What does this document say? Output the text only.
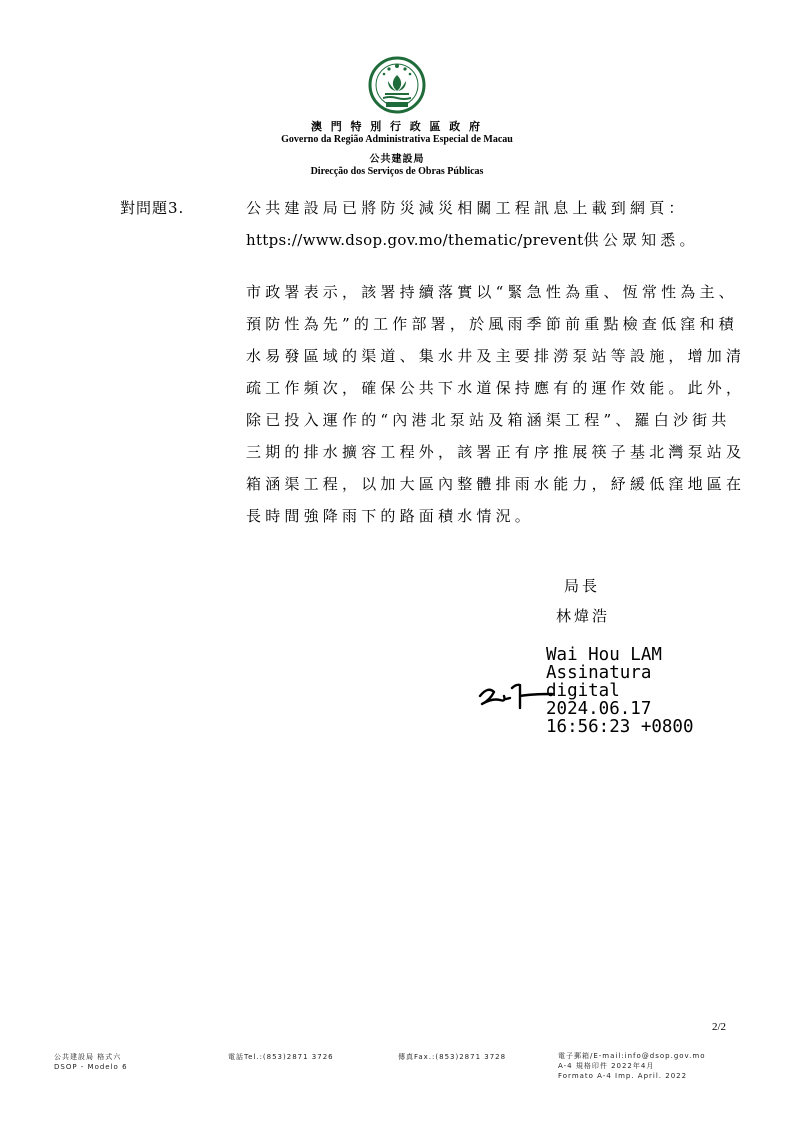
澳 門 特 別 行 政 區 政 府
Governo da Região Administrativa Especial de Macau
公共建設局
Direcção dos Serviços de Obras Públicas
對問題3.	公共建設局已將防災減災相關工程訊息上載到網頁：
https://www.dsop.gov.mo/thematic/prevent供公眾知悉。

市政署表示，該署持續落實以“緊急性為重、恆常性為主、預防性為先”的工作部署，於風雨季節前重點檢查低窪和積水易發區域的渠道、集水井及主要排澇泵站等設施，增加清疏工作頻次，確保公共下水道保持應有的運作效能。此外，除已投入運作的“內港北泵站及箱涵渠工程”、羅白沙街共三期的排水擴容工程外，該署正有序推展筷子基北灣泵站及箱涵渠工程，以加大區內整體排雨水能力，紓緩低窪地區在長時間強降雨下的路面積水情況。

局長
林煒浩
Wai Hou LAM
Assinatura
digital
2024.06.17
16:56:23 +0800
2/2
公共建設局 格式六
DSOP - Modelo 6
電話Tel.:(853)2871 3726	傳真Fax.:(853)2871 3728	電子郵箱/E-mail:info@dsop.gov.mo
A-4 規格印件 2022年4月
Formato A-4 Imp. April. 2022
